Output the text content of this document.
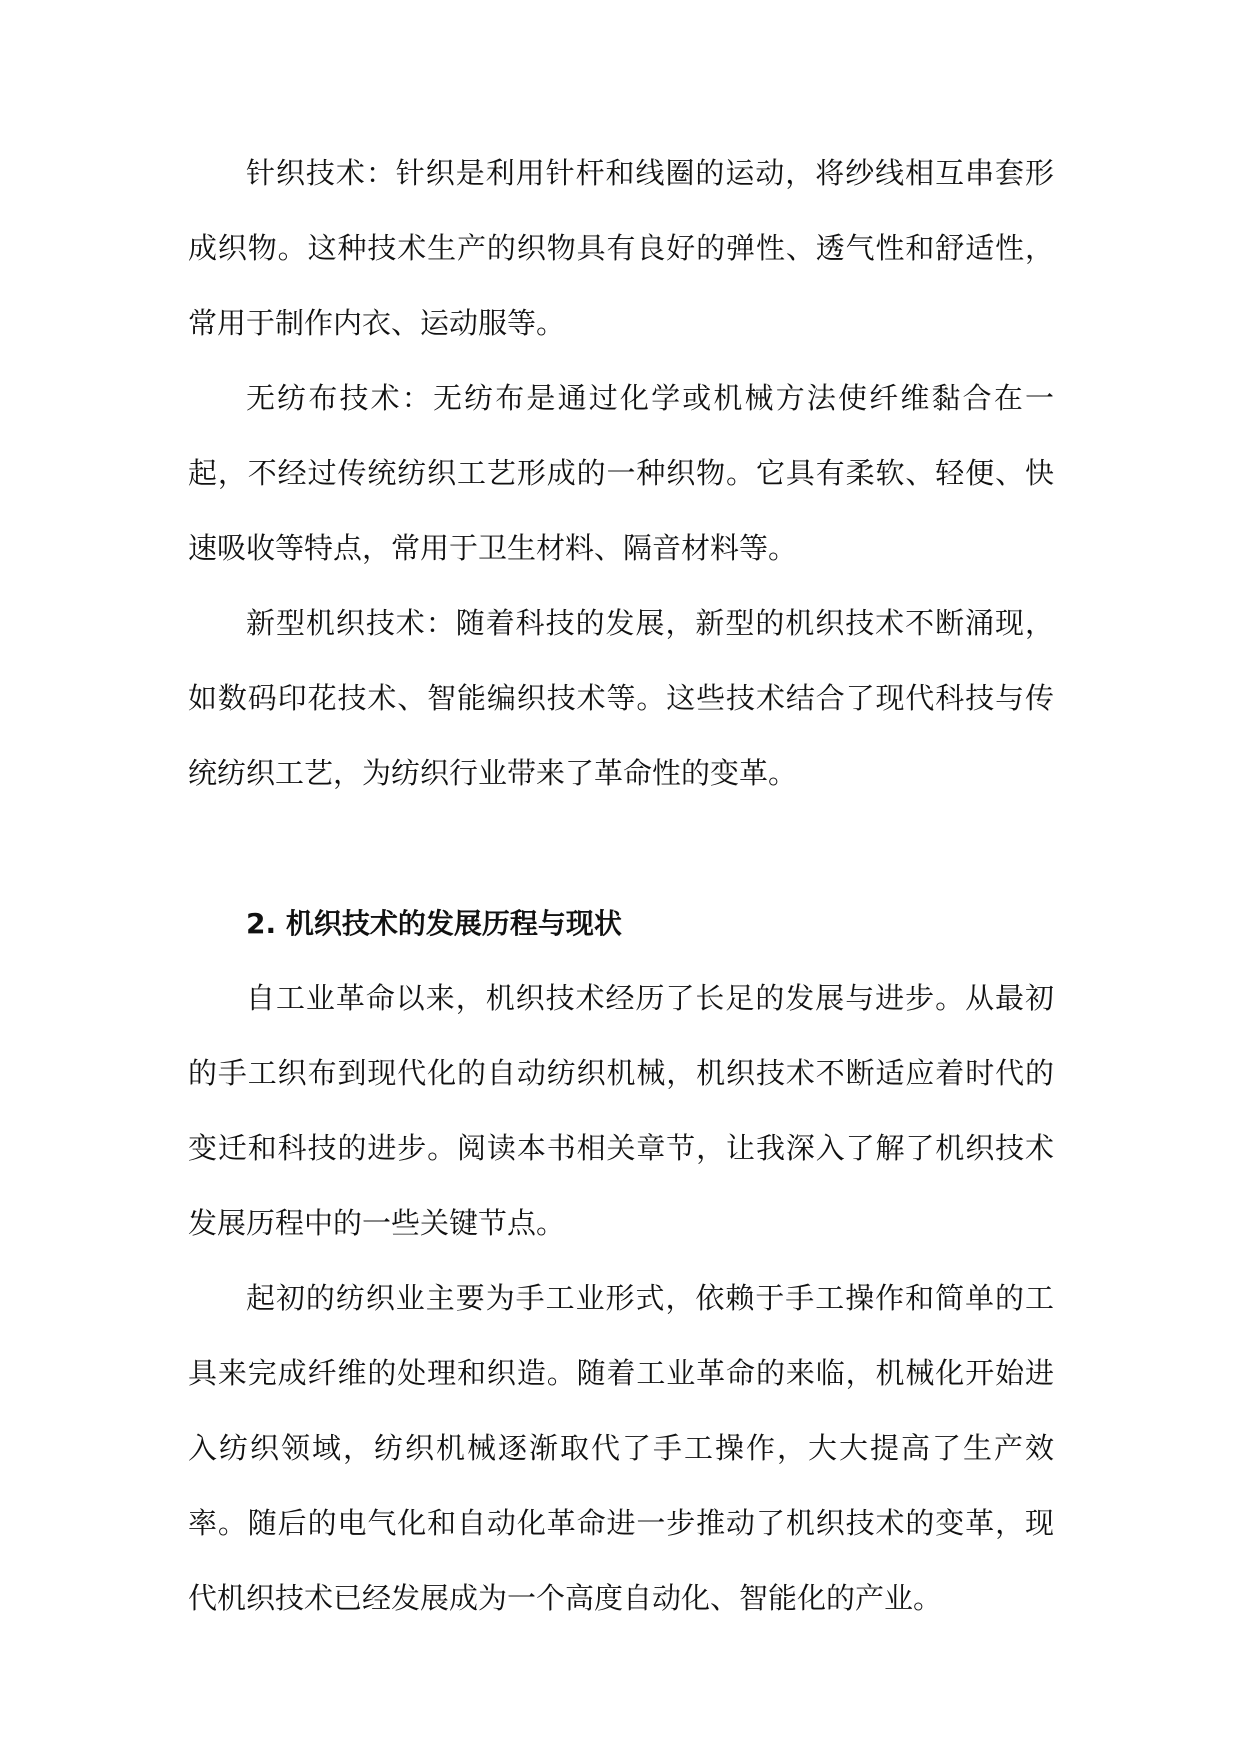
针织技术：针织是利用针杆和线圈的运动，将纱线相互串套形成织物。这种技术生产的织物具有良好的弹性、透气性和舒适性，常用于制作内衣、运动服等。

无纺布技术：无纺布是通过化学或机械方法使纤维黏合在一起，不经过传统纺织工艺形成的一种织物。它具有柔软、轻便、快速吸收等特点，常用于卫生材料、隔音材料等。

新型机织技术：随着科技的发展，新型的机织技术不断涌现，如数码印花技术、智能编织技术等。这些技术结合了现代科技与传统纺织工艺，为纺织行业带来了革命性的变革。

2. 机织技术的发展历程与现状

自工业革命以来，机织技术经历了长足的发展与进步。从最初的手工织布到现代化的自动纺织机械，机织技术不断适应着时代的变迁和科技的进步。阅读本书相关章节，让我深入了解了机织技术发展历程中的一些关键节点。

起初的纺织业主要为手工业形式，依赖于手工操作和简单的工具来完成纤维的处理和织造。随着工业革命的来临，机械化开始进入纺织领域，纺织机械逐渐取代了手工操作，大大提高了生产效率。随后的电气化和自动化革命进一步推动了机织技术的变革，现代机织技术已经发展成为一个高度自动化、智能化的产业。
